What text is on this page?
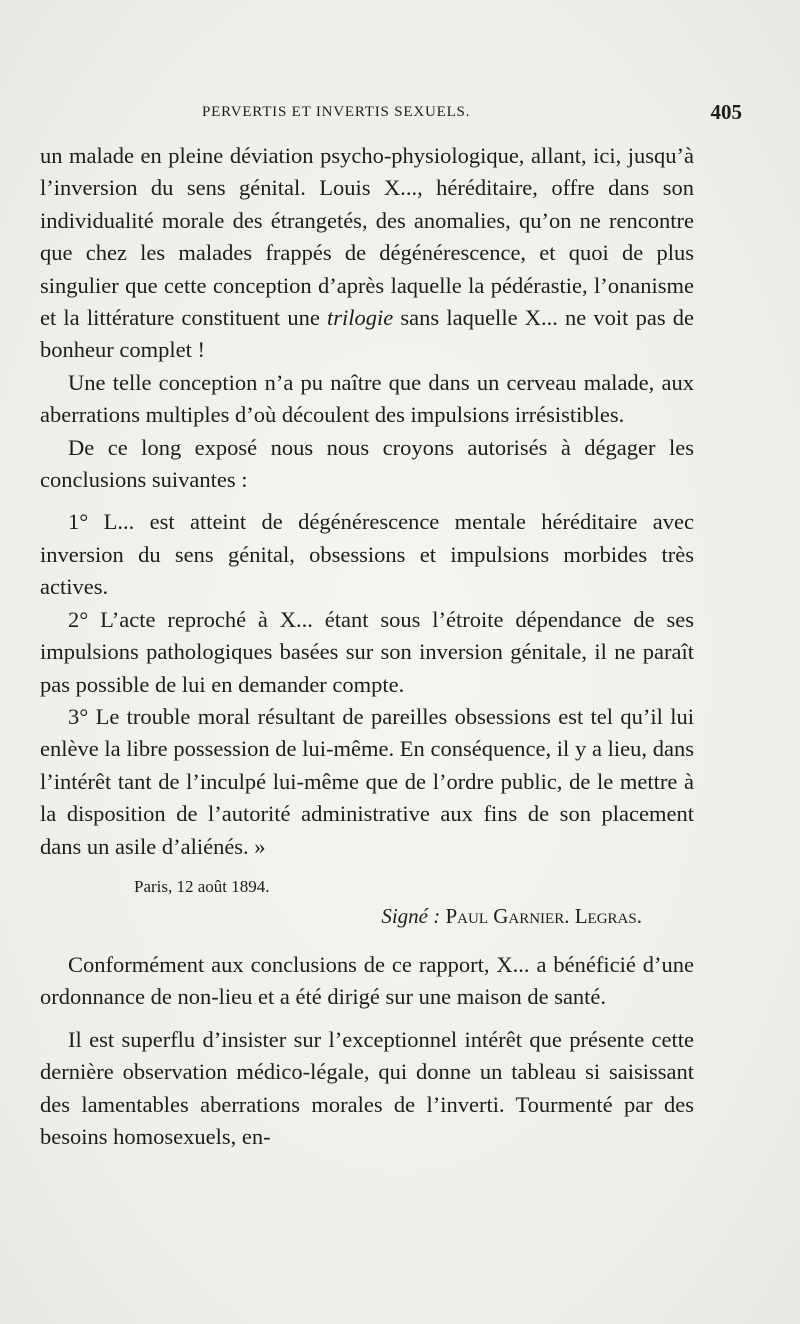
PERVERTIS ET INVERTIS SEXUELS.	405

un malade en pleine déviation psycho-physiologique, allant, ici, jusqu’à l’inversion du sens génital. Louis X..., héréditaire, offre dans son individualité morale des étrangetés, des anomalies, qu’on ne rencontre que chez les malades frappés de dégénérescence, et quoi de plus singulier que cette conception d’après laquelle la pédérastie, l’onanisme et la littérature constituent une trilogie sans laquelle X... ne voit pas de bonheur complet !

Une telle conception n’a pu naître que dans un cerveau malade, aux aberrations multiples d’où découlent des impulsions irrésistibles.

De ce long exposé nous nous croyons autorisés à dégager les conclusions suivantes :

1° L... est atteint de dégénérescence mentale héréditaire avec inversion du sens génital, obsessions et impulsions morbides très actives.

2° L’acte reproché à X... étant sous l’étroite dépendance de ses impulsions pathologiques basées sur son inversion génitale, il ne paraît pas possible de lui en demander compte.

3° Le trouble moral résultant de pareilles obsessions est tel qu’il lui enlève la libre possession de lui-même. En conséquence, il y a lieu, dans l’intérêt tant de l’inculpé lui-même que de l’ordre public, de le mettre à la disposition de l’autorité administrative aux fins de son placement dans un asile d’aliénés. »

Paris, 12 août 1894.

Signé : Paul Garnier. Legras.

Conformément aux conclusions de ce rapport, X... a bénéficié d’une ordonnance de non-lieu et a été dirigé sur une maison de santé.

Il est superflu d’insister sur l’exceptionnel intérêt que présente cette dernière observation médico-légale, qui donne un tableau si saisissant des lamentables aberrations morales de l’inverti. Tourmenté par des besoins homosexuels, en-
